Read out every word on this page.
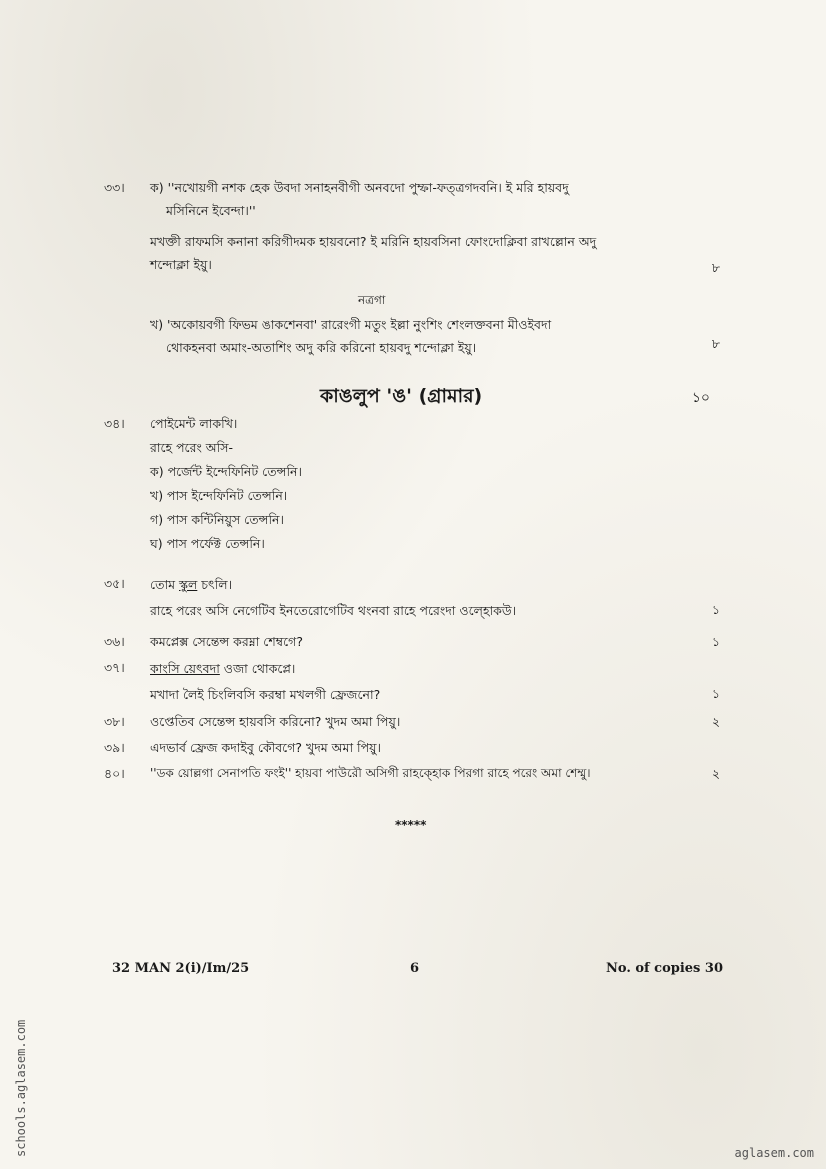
৩৩।	ক) ''নখোয়গী নশক হেক উবদা সনাহনবীগী অনবদো পুম্ফা-ফত্ত্রগদবনি। ই মরি হায়বদু
মসিনিনে ইবেন্দা।''
মখক্তী রাফমসি কনানা করিগীদমক হায়বনো? ই মরিনি হায়বসিনা ফোংদোক্লিবা রাখল্লোন অদু
শন্দোক্লা ইয়ু।	৮
নত্রগা
খ) 'অকোয়বগী ফিভম ঙাকশেনবা' রারেংগী মতুং ইল্লা নুংশিং শেংলক্তবনা মীওইবদা
থোকহনবা অমাং-অতাশিং অদু করি করিনো হায়বদু শন্দোক্লা ইয়ু।	৮
কাঙলুপ 'ঙ' (গ্রামার)	১০
৩৪।	পোইমেন্ট লাকখি।
রাহে পরেং অসি-
ক) পর্জেন্ট ইন্দেফিনিট তেন্সনি।
খ) পাস ইন্দেফিনিট তেন্সনি।
গ) পাস কন্টিনিয়ুস তেন্সনি।
ঘ) পাস পর্ফেক্ট তেন্সনি।
৩৫।	তোম স্কুল চৎলি।
রাহে পরেং অসি নেগেটিব ইনতেরোগেটিব থংনবা রাহে পরেংদা ওল্হোকউ।	১
৩৬।	কমপ্লেক্স সেন্তেন্স করম্না শেম্বগে?	১
৩৭।	কাংসি য়েৎবদা ওজা থোকপ্লে।
মখাদা লৈই চিংলিবসি করম্বা মখলগী ফ্রেজনো?	১
৩৮।	ওপ্তেতিব সেন্তেন্স হায়বসি করিনো? খুদম অমা পিয়ু।	২
৩৯।	এদভার্ব ফ্রেজ কদাইবু কৌবগে? খুদম অমা পিয়ু।
৪০।	''ডক য়োল্লগা সেনাপতি ফংই'' হায়বা পাউরৌ অসিগী রাহক্হোক পিরগা রাহে পরেং অমা শেম্মু।	২
*****
32 MAN 2(i)/Im/25	6	No. of copies 30
schools.aglasem.com	aglasem.com
